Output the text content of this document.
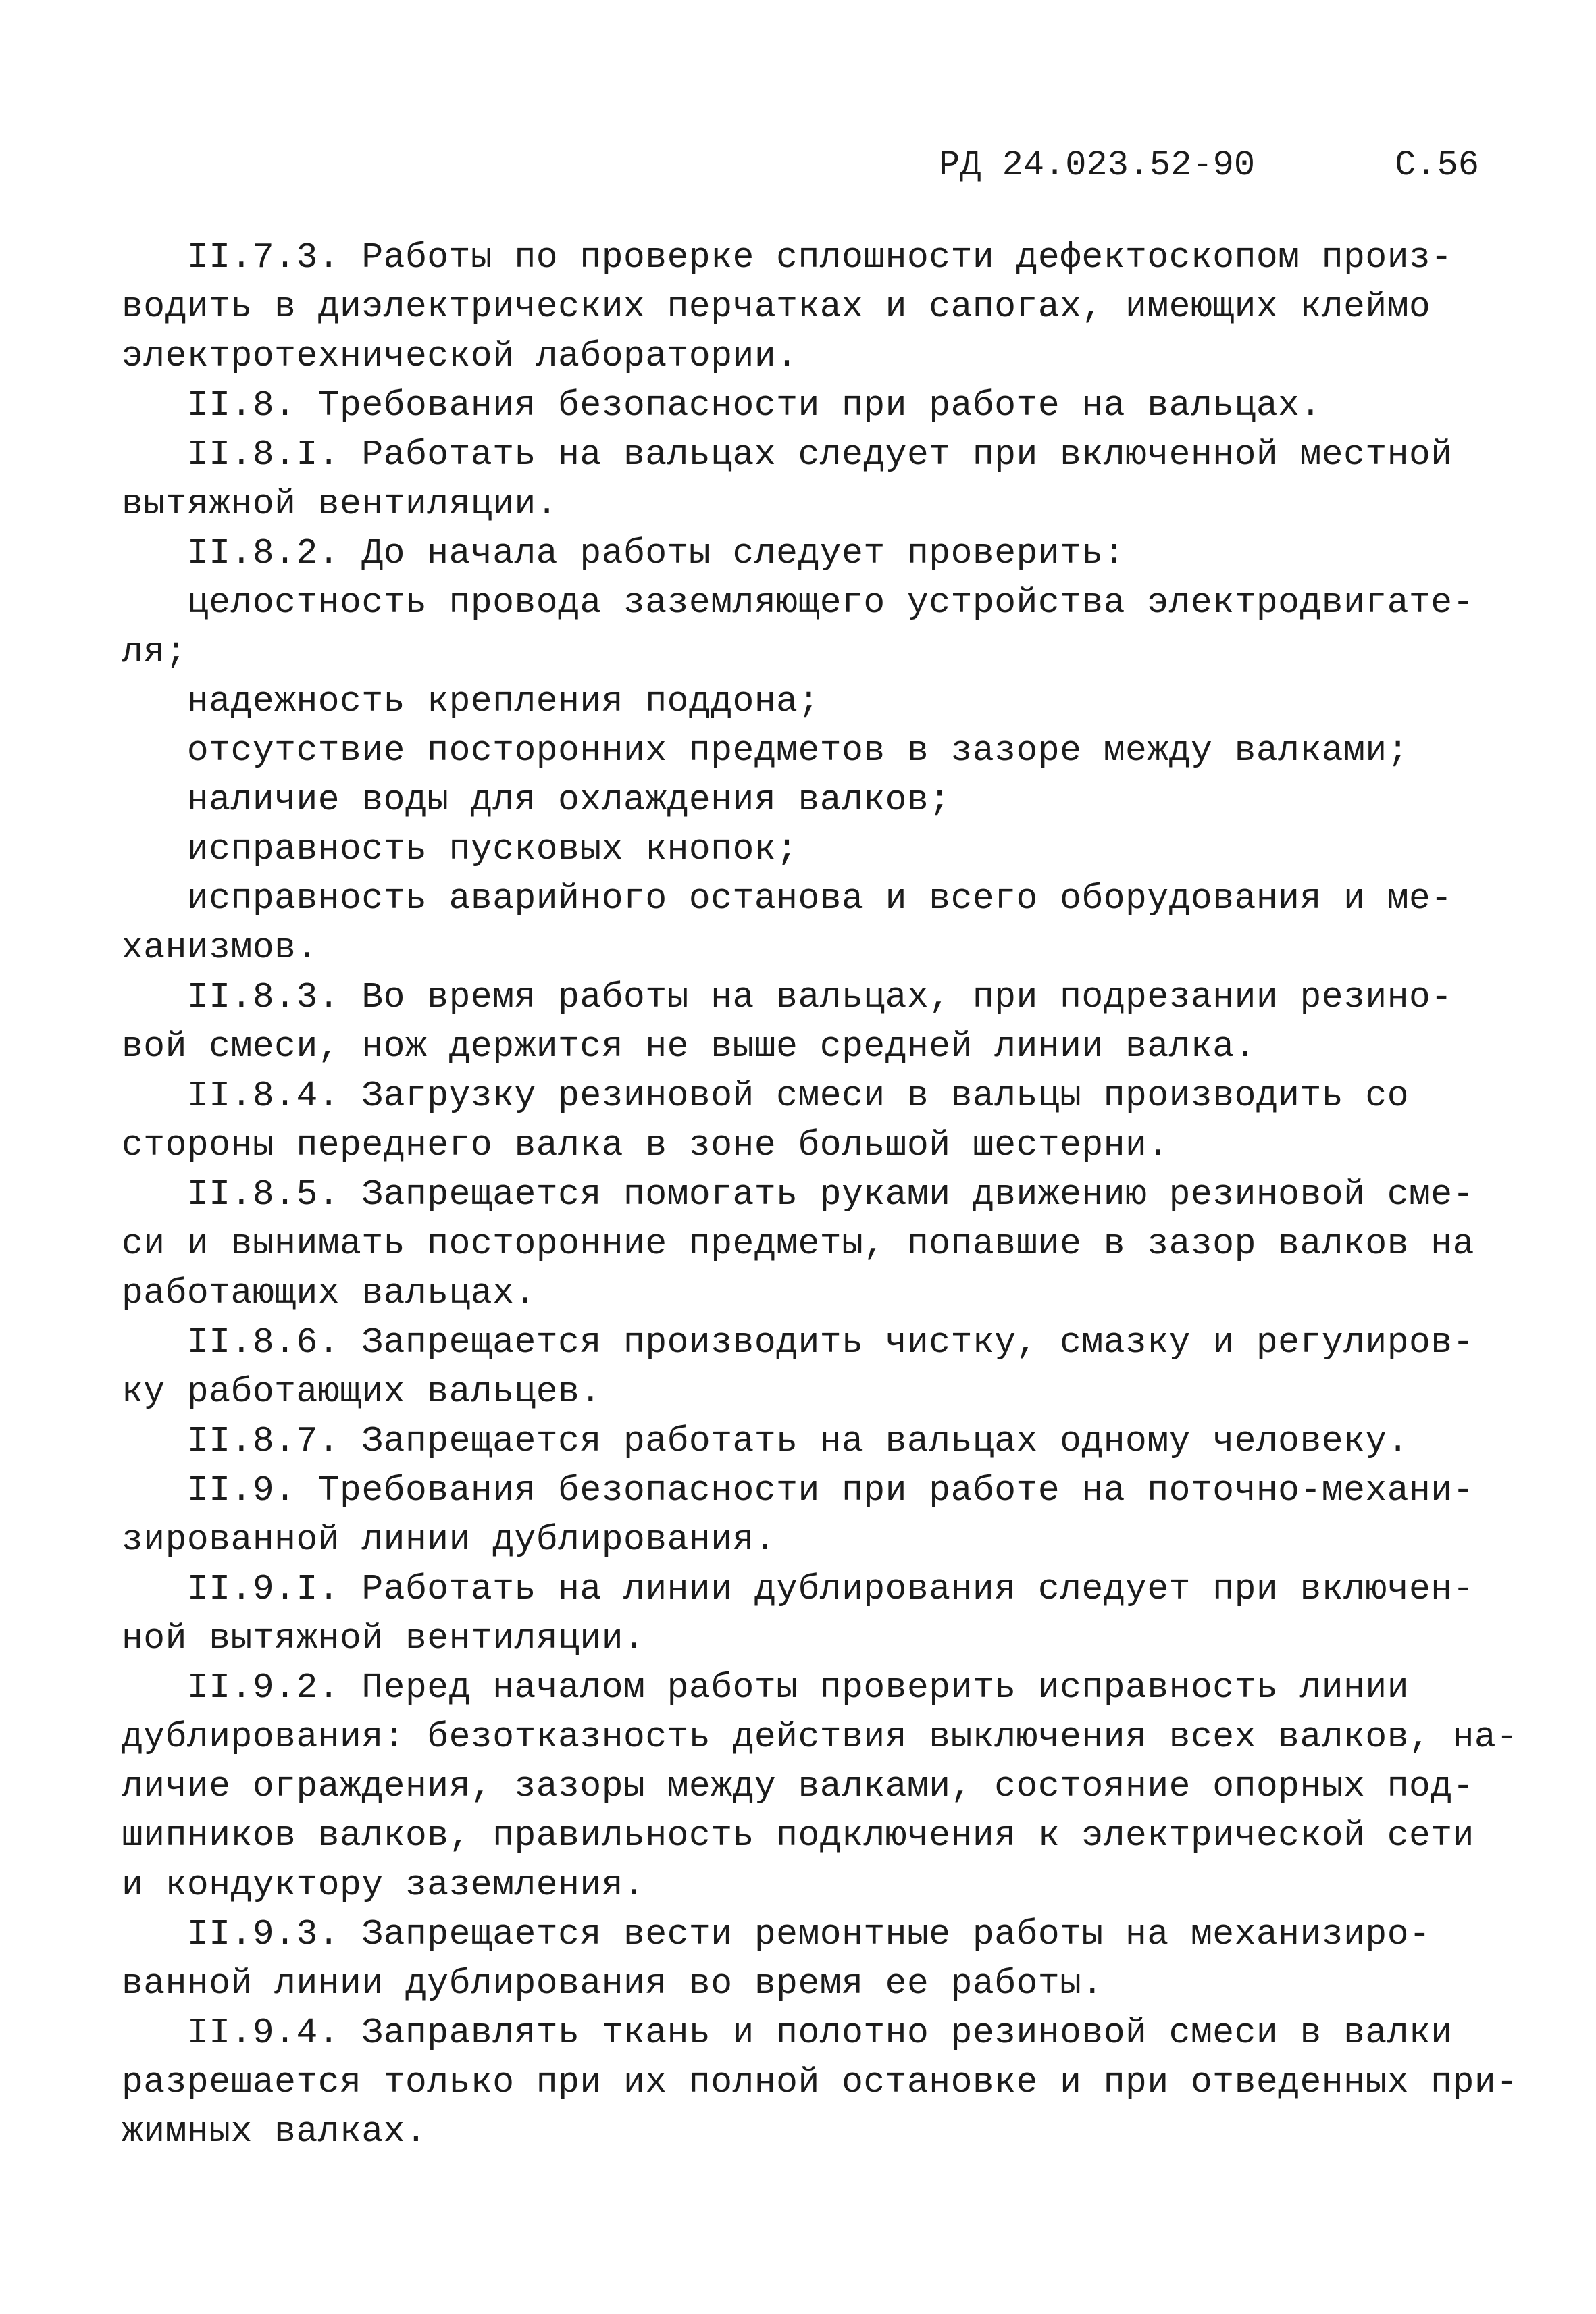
РД 24.023.52-90	С.56
II.7.3. Работы по проверке сплошности дефектоскопом произ-
водить в диэлектрических перчатках и сапогах, имеющих клеймо
электротехнической лаборатории.
II.8. Требования безопасности при работе на вальцах.
II.8.I. Работать на вальцах следует при включенной местной
вытяжной вентиляции.
II.8.2. До начала работы следует проверить:
целостность провода заземляющего устройства электродвигате-
ля;
надежность крепления поддона;
отсутствие посторонних предметов в зазоре между валками;
наличие воды для охлаждения валков;
исправность пусковых кнопок;
исправность аварийного останова и всего оборудования и ме-
ханизмов.
II.8.3. Во время работы на вальцах, при подрезании резино-
вой смеси, нож держится не выше средней линии валка.
II.8.4. Загрузку резиновой смеси в вальцы производить со
стороны переднего валка в зоне большой шестерни.
II.8.5. Запрещается помогать руками движению резиновой сме-
си и вынимать посторонние предметы, попавшие в зазор валков на
работающих вальцах.
II.8.6. Запрещается производить чистку, смазку и регулиров-
ку работающих вальцев.
II.8.7. Запрещается работать на вальцах одному человеку.
II.9. Требования безопасности при работе на поточно-механи-
зированной линии дублирования.
II.9.I. Работать на линии дублирования следует при включен-
ной вытяжной вентиляции.
II.9.2. Перед началом работы проверить исправность линии
дублирования: безотказность действия выключения всех валков, на-
личие ограждения, зазоры между валками, состояние опорных под-
шипников валков, правильность подключения к электрической сети
и кондуктору заземления.
II.9.3. Запрещается вести ремонтные работы на механизиро-
ванной линии дублирования во время ее работы.
II.9.4. Заправлять ткань и полотно резиновой смеси в валки
разрешается только при их полной остановке и при отведенных при-
жимных валках.
